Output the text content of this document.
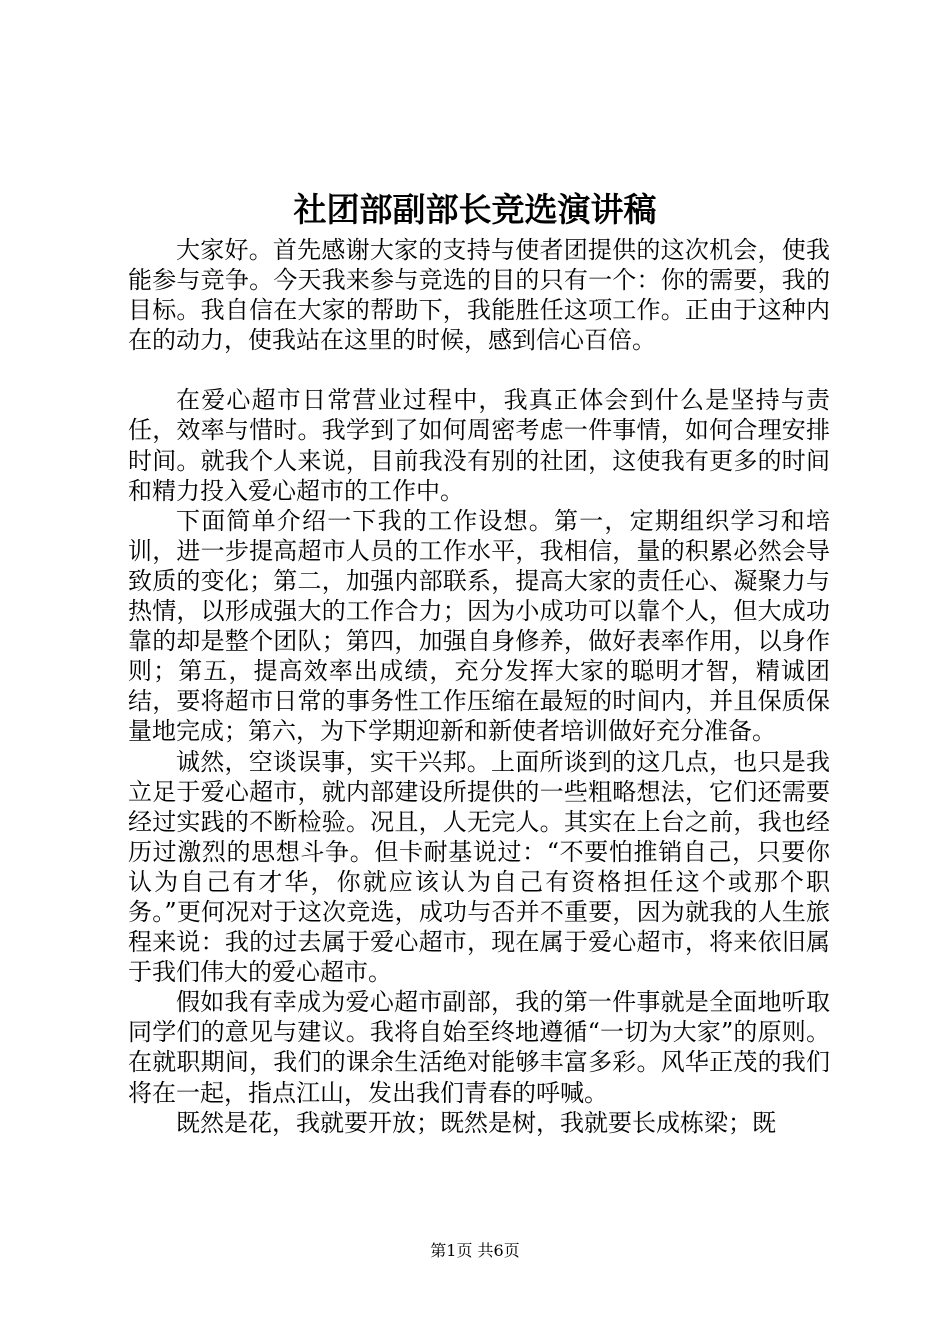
社团部副部长竞选演讲稿

大家好。首先感谢大家的支持与使者团提供的这次机会，使我能参与竞争。今天我来参与竞选的目的只有一个：你的需要，我的目标。我自信在大家的帮助下，我能胜任这项工作。正由于这种内在的动力，使我站在这里的时候，感到信心百倍。

在爱心超市日常营业过程中，我真正体会到什么是坚持与责任，效率与惜时。我学到了如何周密考虑一件事情，如何合理安排时间。就我个人来说，目前我没有别的社团，这使我有更多的时间和精力投入爱心超市的工作中。

下面简单介绍一下我的工作设想。第一，定期组织学习和培训，进一步提高超市人员的工作水平，我相信，量的积累必然会导致质的变化；第二，加强内部联系，提高大家的责任心、凝聚力与热情，以形成强大的工作合力；因为小成功可以靠个人，但大成功靠的却是整个团队；第四，加强自身修养，做好表率作用，以身作则；第五，提高效率出成绩，充分发挥大家的聪明才智，精诚团结，要将超市日常的事务性工作压缩在最短的时间内，并且保质保量地完成；第六，为下学期迎新和新使者培训做好充分准备。

诚然，空谈误事，实干兴邦。上面所谈到的这几点，也只是我立足于爱心超市，就内部建设所提供的一些粗略想法，它们还需要经过实践的不断检验。况且，人无完人。其实在上台之前，我也经历过激烈的思想斗争。但卡耐基说过：“不要怕推销自己，只要你认为自己有才华，你就应该认为自己有资格担任这个或那个职务。”更何况对于这次竞选，成功与否并不重要，因为就我的人生旅程来说：我的过去属于爱心超市，现在属于爱心超市，将来依旧属于我们伟大的爱心超市。

假如我有幸成为爱心超市副部，我的第一件事就是全面地听取同学们的意见与建议。我将自始至终地遵循“一切为大家”的原则。在就职期间，我们的课余生活绝对能够丰富多彩。风华正茂的我们将在一起，指点江山，发出我们青春的呼喊。

既然是花，我就要开放；既然是树，我就要长成栋梁；既

第1页 共6页
